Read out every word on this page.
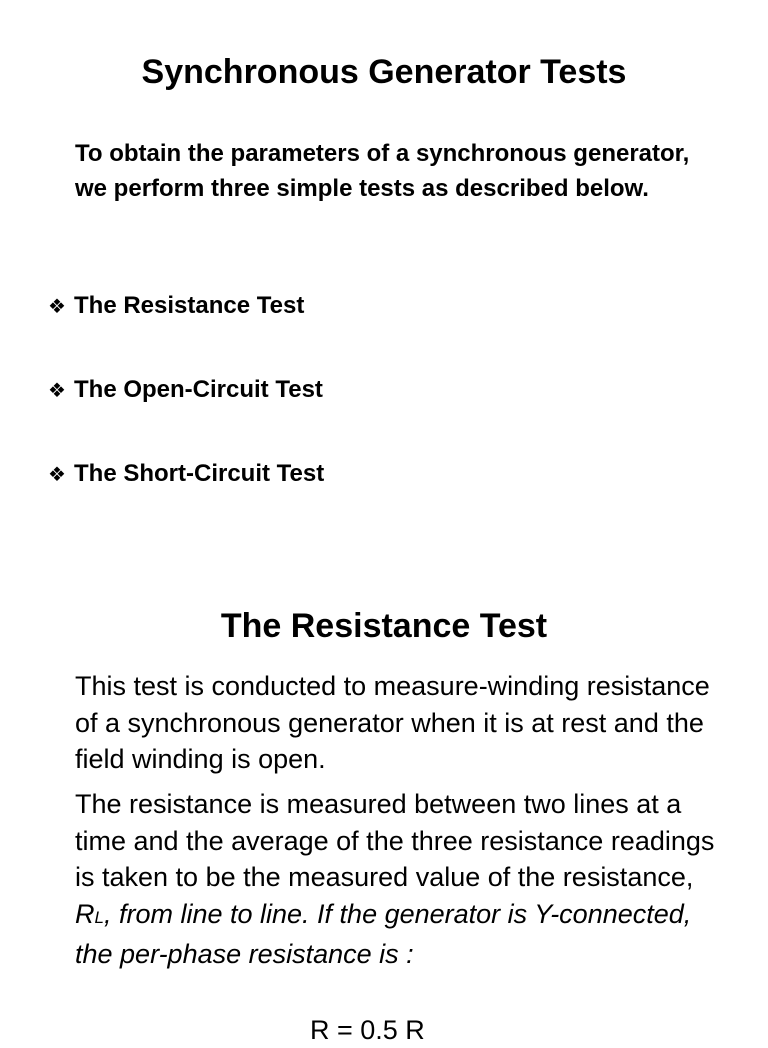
Synchronous Generator Tests

To obtain the parameters of a synchronous generator, we perform three simple tests as described below.

❖ The Resistance Test
❖ The Open-Circuit Test
❖ The Short-Circuit Test
The Resistance Test

This test is conducted to measure-winding resistance of a synchronous generator when it is at rest and the field winding is open.

The resistance is measured between two lines at a time and the average of the three resistance readings is taken to be the measured value of the resistance, RL, from line to line. If the generator is Y-connected, the per-phase resistance is :

R = 0.5 R
